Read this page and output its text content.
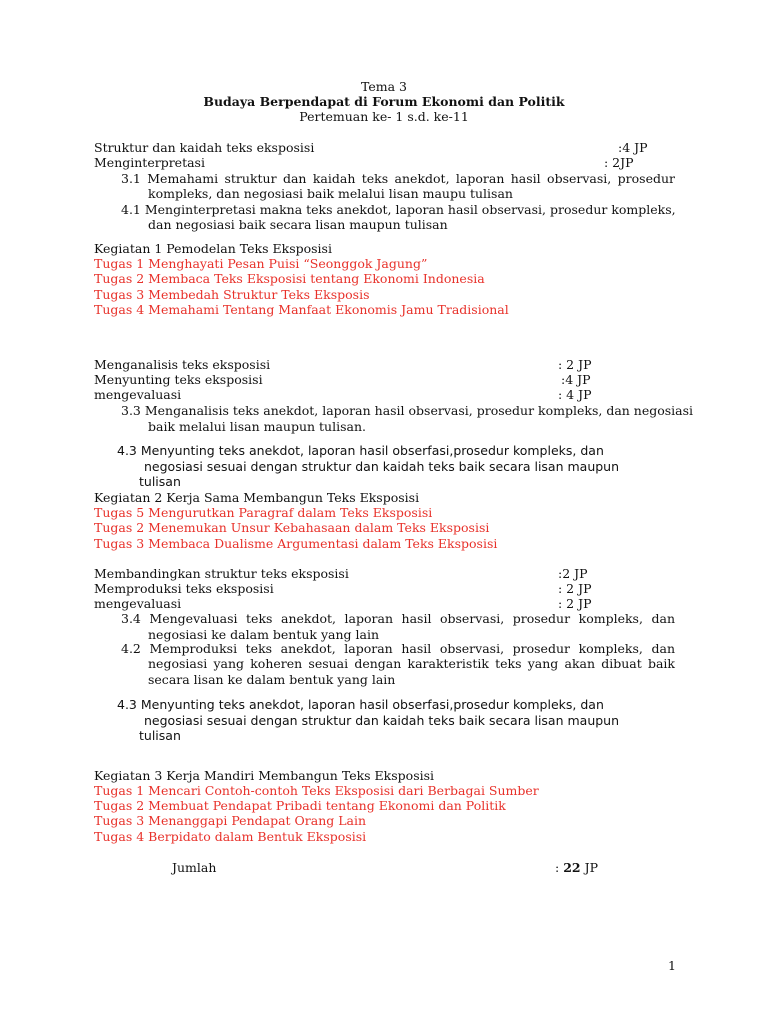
Tema 3
Budaya Berpendapat di Forum Ekonomi dan Politik
Pertemuan ke- 1 s.d. ke-11
Struktur dan kaidah teks eksposisi	:4 JP
Menginterpretasi	: 2JP
3.1 Memahami struktur dan kaidah teks anekdot, laporan hasil observasi, prosedur
kompleks, dan negosiasi baik melalui lisan maupu tulisan
4.1 Menginterpretasi makna teks anekdot, laporan hasil observasi, prosedur kompleks,
dan negosiasi baik secara lisan maupun tulisan
Kegiatan 1 Pemodelan Teks Eksposisi
Tugas 1 Menghayati Pesan Puisi “Seonggok Jagung”
Tugas 2 Membaca Teks Eksposisi tentang Ekonomi Indonesia
Tugas 3 Membedah Struktur Teks Eksposis
Tugas 4 Memahami Tentang Manfaat Ekonomis Jamu Tradisional
Menganalisis teks eksposisi	: 2 JP
Menyunting teks eksposisi	:4 JP
mengevaluasi	: 4 JP
3.3 Menganalisis teks anekdot, laporan hasil observasi, prosedur kompleks, dan negosiasi
baik melalui lisan maupun tulisan.
4.3 Menyunting teks anekdot, laporan hasil obserfasi,prosedur kompleks, dan
negosiasi sesuai dengan struktur dan kaidah teks baik secara lisan maupun
tulisan
Kegiatan 2 Kerja Sama Membangun Teks Eksposisi
Tugas 5 Mengurutkan Paragraf dalam Teks Eksposisi
Tugas 2 Menemukan Unsur Kebahasaan dalam Teks Eksposisi
Tugas 3 Membaca Dualisme Argumentasi dalam Teks Eksposisi
Membandingkan struktur teks eksposisi	:2 JP
Memproduksi teks eksposisi	: 2 JP
mengevaluasi	: 2 JP
3.4 Mengevaluasi teks anekdot, laporan hasil observasi, prosedur kompleks, dan
negosiasi ke dalam bentuk yang lain
4.2 Memproduksi teks anekdot, laporan hasil observasi, prosedur kompleks, dan
negosiasi yang koheren sesuai dengan karakteristik teks yang akan dibuat baik
secara lisan ke dalam bentuk yang lain
4.3 Menyunting teks anekdot, laporan hasil obserfasi,prosedur kompleks, dan
negosiasi sesuai dengan struktur dan kaidah teks baik secara lisan maupun
tulisan
Kegiatan 3 Kerja Mandiri Membangun Teks Eksposisi
Tugas 1 Mencari Contoh-contoh Teks Eksposisi dari Berbagai Sumber
Tugas 2 Membuat Pendapat Pribadi tentang Ekonomi dan Politik
Tugas 3 Menanggapi Pendapat Orang Lain
Tugas 4 Berpidato dalam Bentuk Eksposisi
Jumlah	: 22 JP
1
